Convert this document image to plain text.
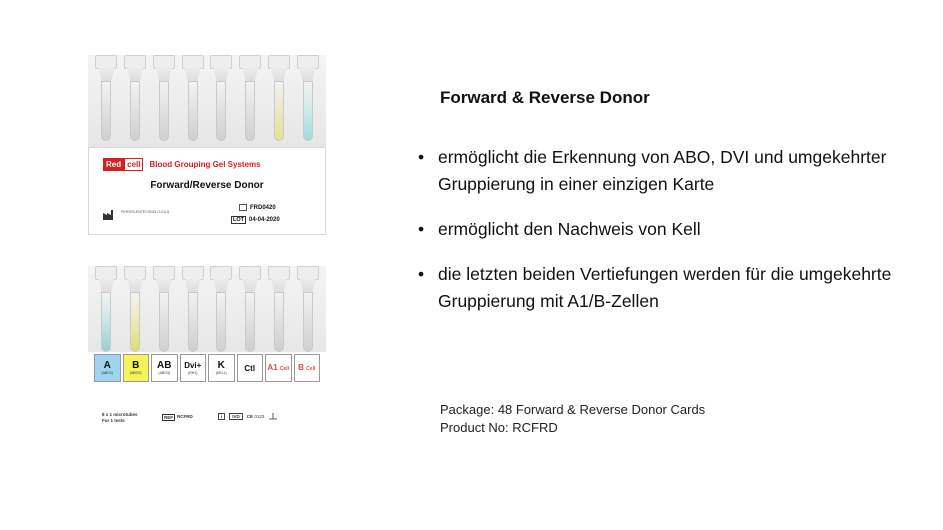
Red cell	Blood Grouping Gel Systems
Forward/Reverse Donor
PERSISLENTECHNOLOJİ A.Ş.
FRD0420
LOT 04-04-2020
A
(ABO1)
B
(ABO2)
AB
(ABO3)
Dvi+
(RH1)
K
(KEL1)
Ctl	A1 Cell	B Cell
8 x 1 microtubes
For 1 tests
REF RCFRD	i	IVD	CE 0123
Forward & Reverse Donor
• ermöglicht die Erkennung von ABO, DVI und umgekehrter Gruppierung in einer einzigen Karte
• ermöglicht den Nachweis von Kell
• die letzten beiden Vertiefungen werden für die umgekehrte Gruppierung mit A1/B-Zellen
Package: 48 Forward & Reverse Donor Cards
Product No: RCFRD
